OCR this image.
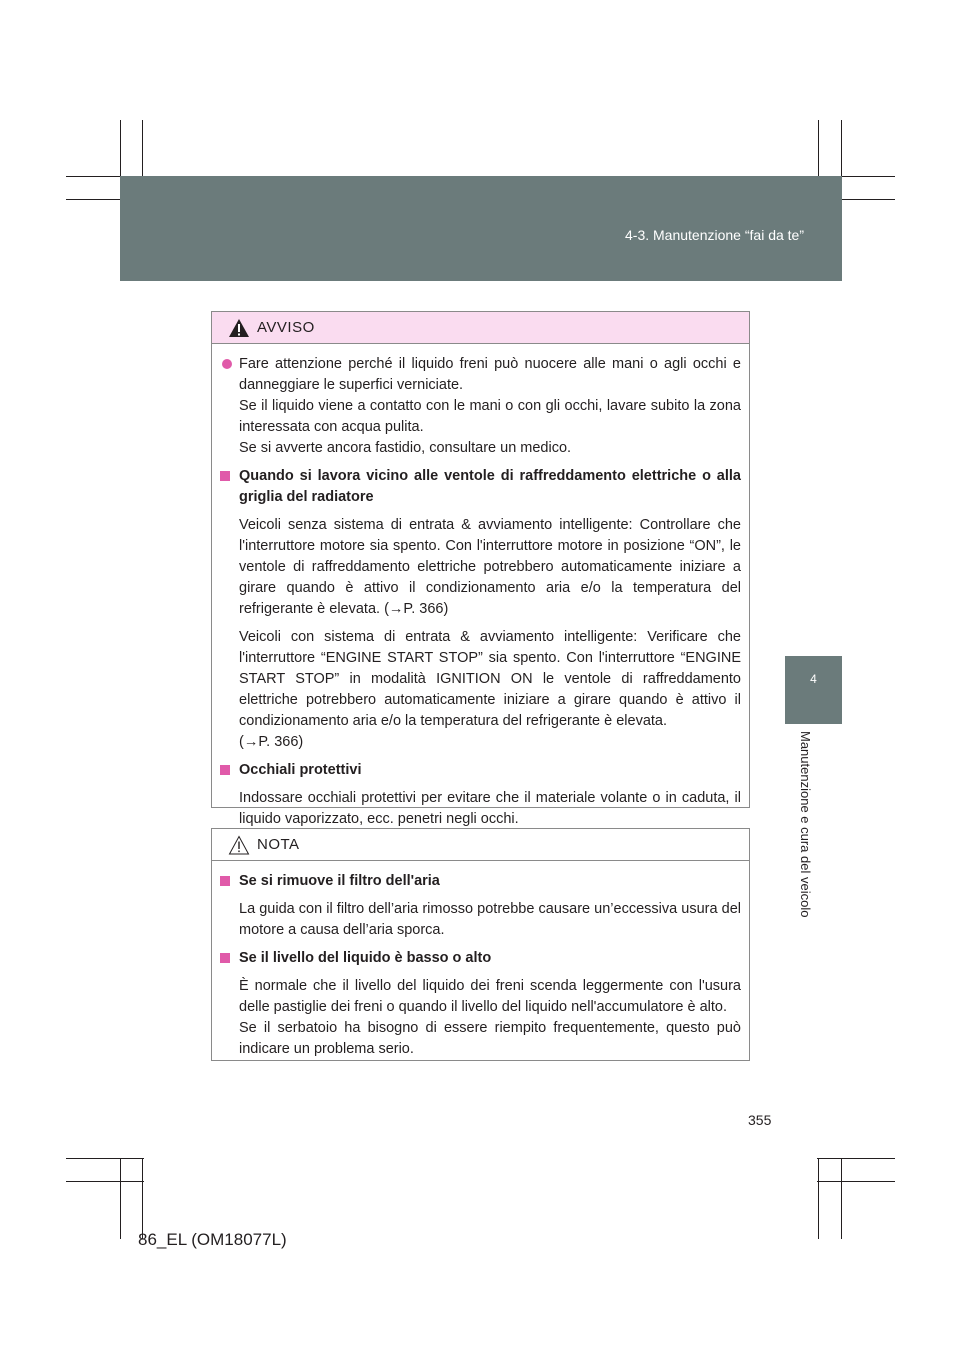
4-3. Manutenzione “fai da te”
4
Manutenzione e cura del veicolo
AVVISO
Fare attenzione perché il liquido freni può nuocere alle mani o agli occhi e danneggiare le superfici verniciate.
Se il liquido viene a contatto con le mani o con gli occhi, lavare subito la zona interessata con acqua pulita.
Se si avverte ancora fastidio, consultare un medico.
Quando si lavora vicino alle ventole di raffreddamento elettriche o alla griglia del radiatore
Veicoli senza sistema di entrata & avviamento intelligente: Controllare che l'interruttore motore sia spento. Con l'interruttore motore in posizione “ON”, le ventole di raffreddamento elettriche potrebbero automaticamente iniziare a girare quando è attivo il condizionamento aria e/o la temperatura del refrigerante è elevata. (→P. 366)
Veicoli con sistema di entrata & avviamento intelligente: Verificare che l'interruttore “ENGINE START STOP” sia spento. Con l'interruttore “ENGINE START STOP” in modalità IGNITION ON le ventole di raffreddamento elettriche potrebbero automaticamente iniziare a girare quando è attivo il condizionamento aria e/o la temperatura del refrigerante è elevata.
(→P. 366)
Occhiali protettivi
Indossare occhiali protettivi per evitare che il materiale volante o in caduta, il liquido vaporizzato, ecc. penetri negli occhi.
NOTA
Se si rimuove il filtro dell'aria
La guida con il filtro dell’aria rimosso potrebbe causare un’eccessiva usura del motore a causa dell’aria sporca.
Se il livello del liquido è basso o alto
È normale che il livello del liquido dei freni scenda leggermente con l'usura delle pastiglie dei freni o quando il livello del liquido nell'accumulatore è alto.
Se il serbatoio ha bisogno di essere riempito frequentemente, questo può indicare un problema serio.
355
86_EL (OM18077L)
